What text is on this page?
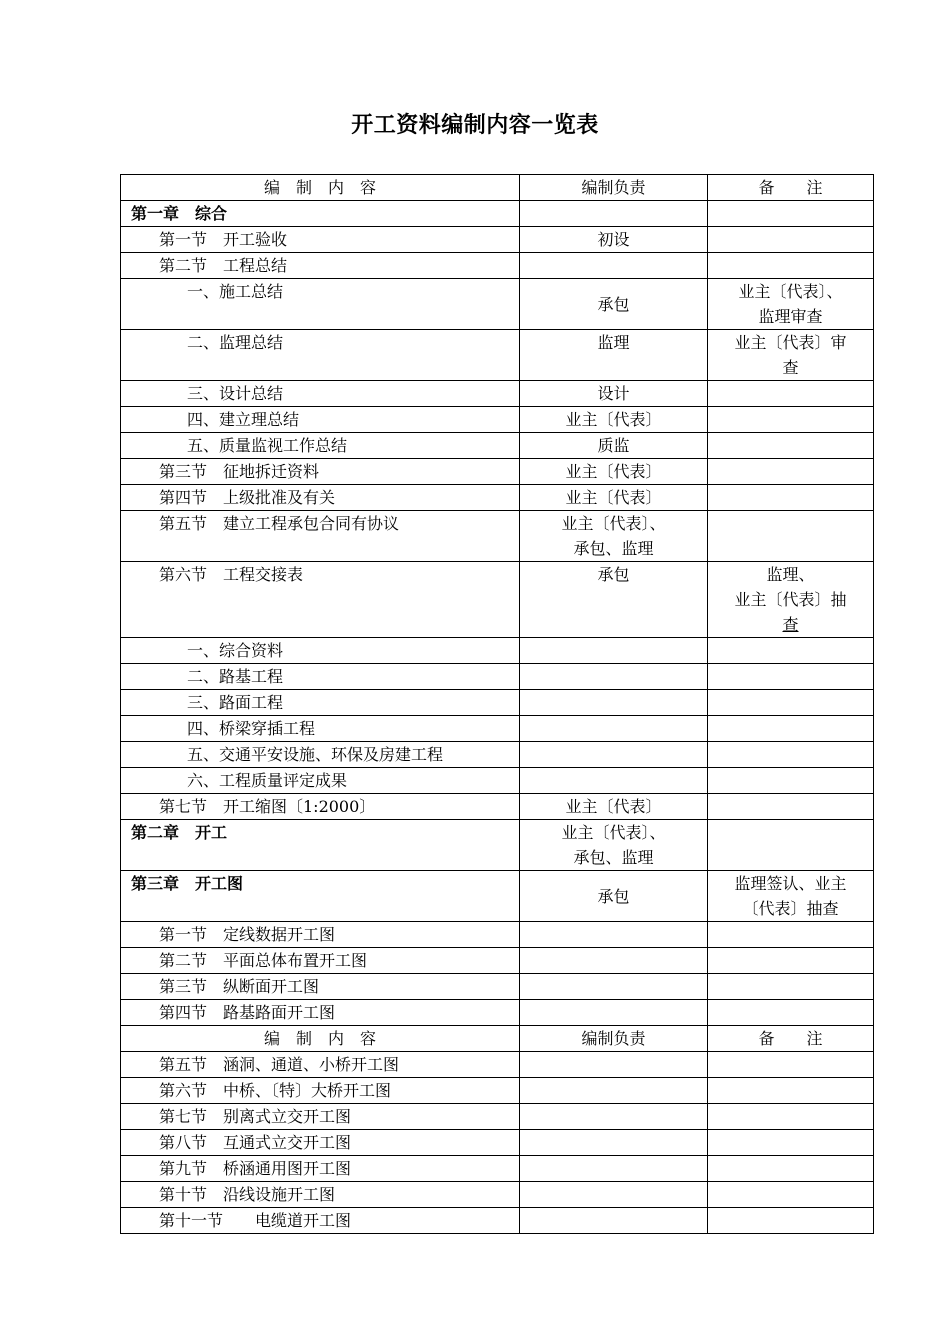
开工资料编制内容一览表
编　制　内　容	编制负责	备　　注
第一章　综合		
第一节　开工验收	初设	
第二节　工程总结		
一、施工总结	承包	业主〔代表〕、
监理审查

二、监理总结	监理	业主〔代表〕审
查

三、设计总结	设计	
四、建立理总结	业主〔代表〕	
五、质量监视工作总结	质监	
第三节　征地拆迁资料	业主〔代表〕	
第四节　上级批准及有关	业主〔代表〕	
第五节　建立工程承包合同有协议	业主〔代表〕、
承包、监理	

第六节　工程交接表	承包	监理、
业主〔代表〕抽
查

一、综合资料		
二、路基工程		
三、路面工程		
四、桥梁穿插工程		
五、交通平安设施、环保及房建工程		
六、工程质量评定成果		
第七节　开工缩图〔1:2000〕	业主〔代表〕	
第二章　开工	业主〔代表〕、
承包、监理	

第三章　开工图	承包	监理签认、业主
〔代表〕抽查

第一节　定线数据开工图		
第二节　平面总体布置开工图		
第三节　纵断面开工图		
第四节　路基路面开工图		
编　制　内　容	编制负责	备　　注
第五节　涵洞、通道、小桥开工图		
第六节　中桥、〔特〕大桥开工图		
第七节　别离式立交开工图		
第八节　互通式立交开工图		
第九节　桥涵通用图开工图		
第十节　沿线设施开工图		
第十一节　　电缆道开工图		
